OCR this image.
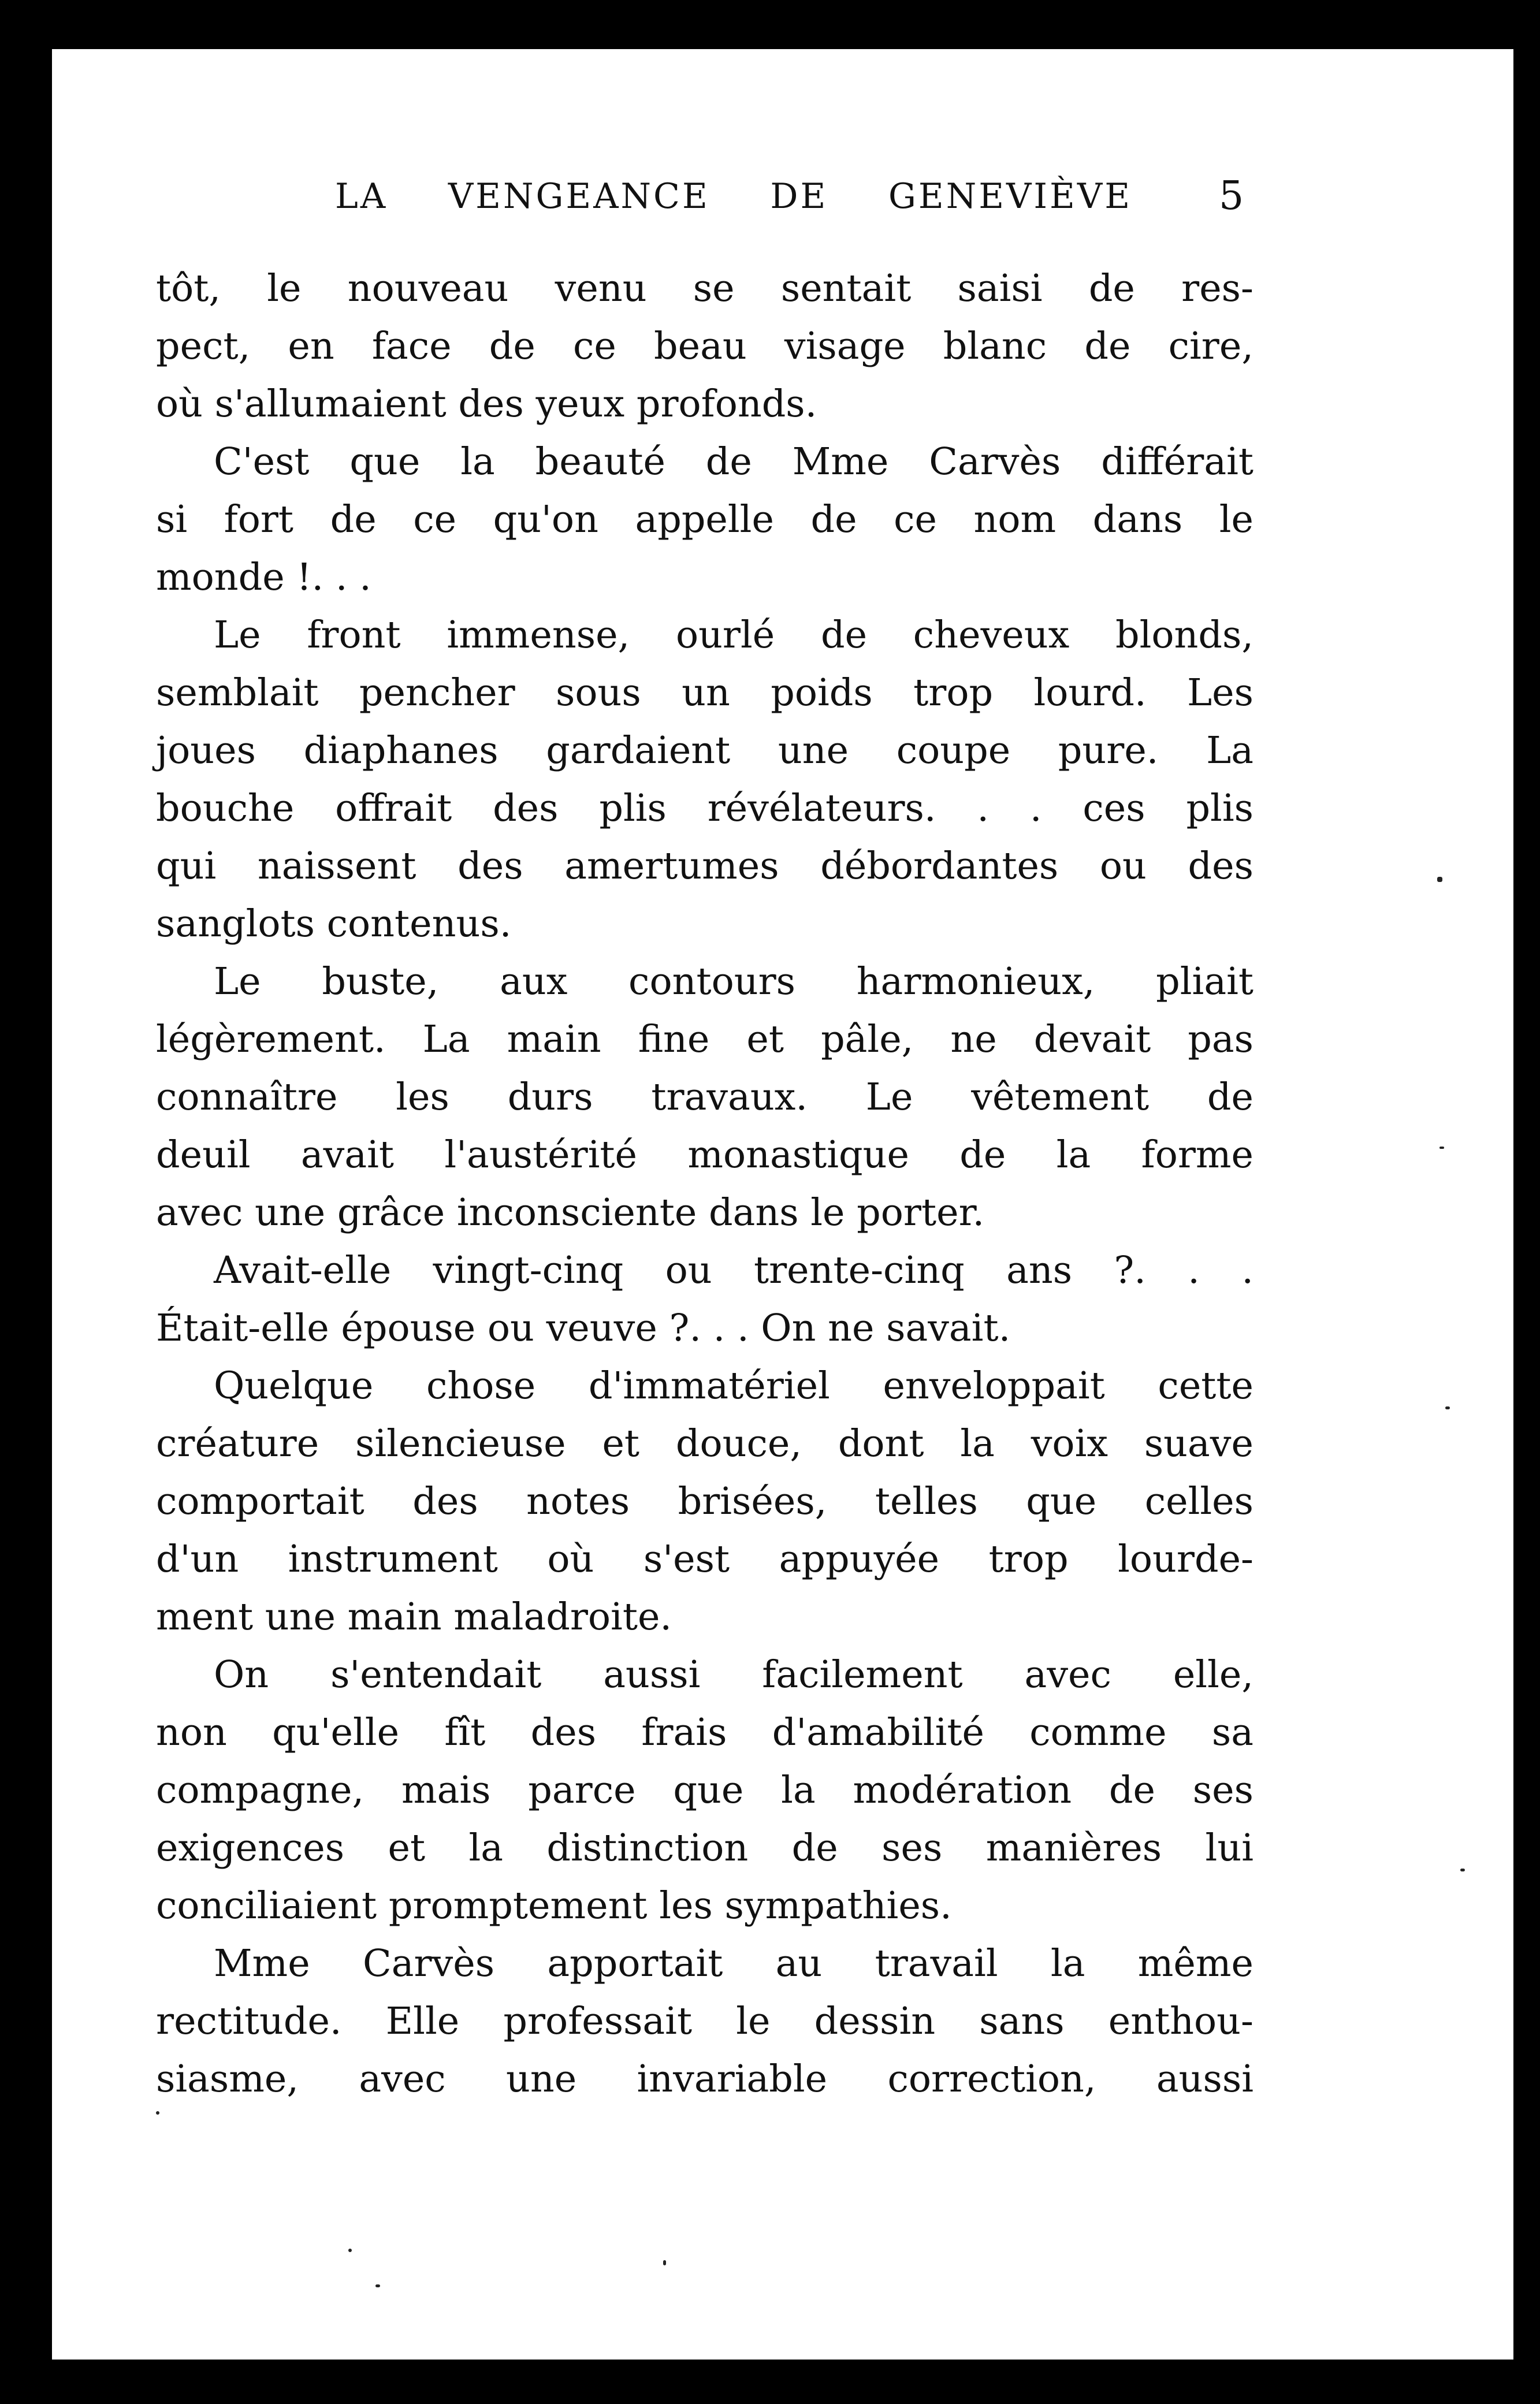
LA VENGEANCE DE GENEVIÈVE 5
tôt, le nouveau venu se sentait saisi de res-
pect, en face de ce beau visage blanc de cire,
où s'allumaient des yeux profonds.
C'est que la beauté de Mme Carvès différait
si fort de ce qu'on appelle de ce nom dans le
monde !. . .
Le front immense, ourlé de cheveux blonds,
semblait pencher sous un poids trop lourd. Les
joues diaphanes gardaient une coupe pure. La
bouche offrait des plis révélateurs. . . ces plis
qui naissent des amertumes débordantes ou des
sanglots contenus.
Le buste, aux contours harmonieux, pliait
légèrement. La main fine et pâle, ne devait pas
connaître les durs travaux. Le vêtement de
deuil avait l'austérité monastique de la forme
avec une grâce inconsciente dans le porter.
Avait-elle vingt-cinq ou trente-cinq ans ?. . .
Était-elle épouse ou veuve ?. . . On ne savait.
Quelque chose d'immatériel enveloppait cette
créature silencieuse et douce, dont la voix suave
comportait des notes brisées, telles que celles
d'un instrument où s'est appuyée trop lourde-
ment une main maladroite.
On s'entendait aussi facilement avec elle,
non qu'elle fît des frais d'amabilité comme sa
compagne, mais parce que la modération de ses
exigences et la distinction de ses manières lui
conciliaient promptement les sympathies.
Mme Carvès apportait au travail la même
rectitude. Elle professait le dessin sans enthou-
siasme, avec une invariable correction, aussi
